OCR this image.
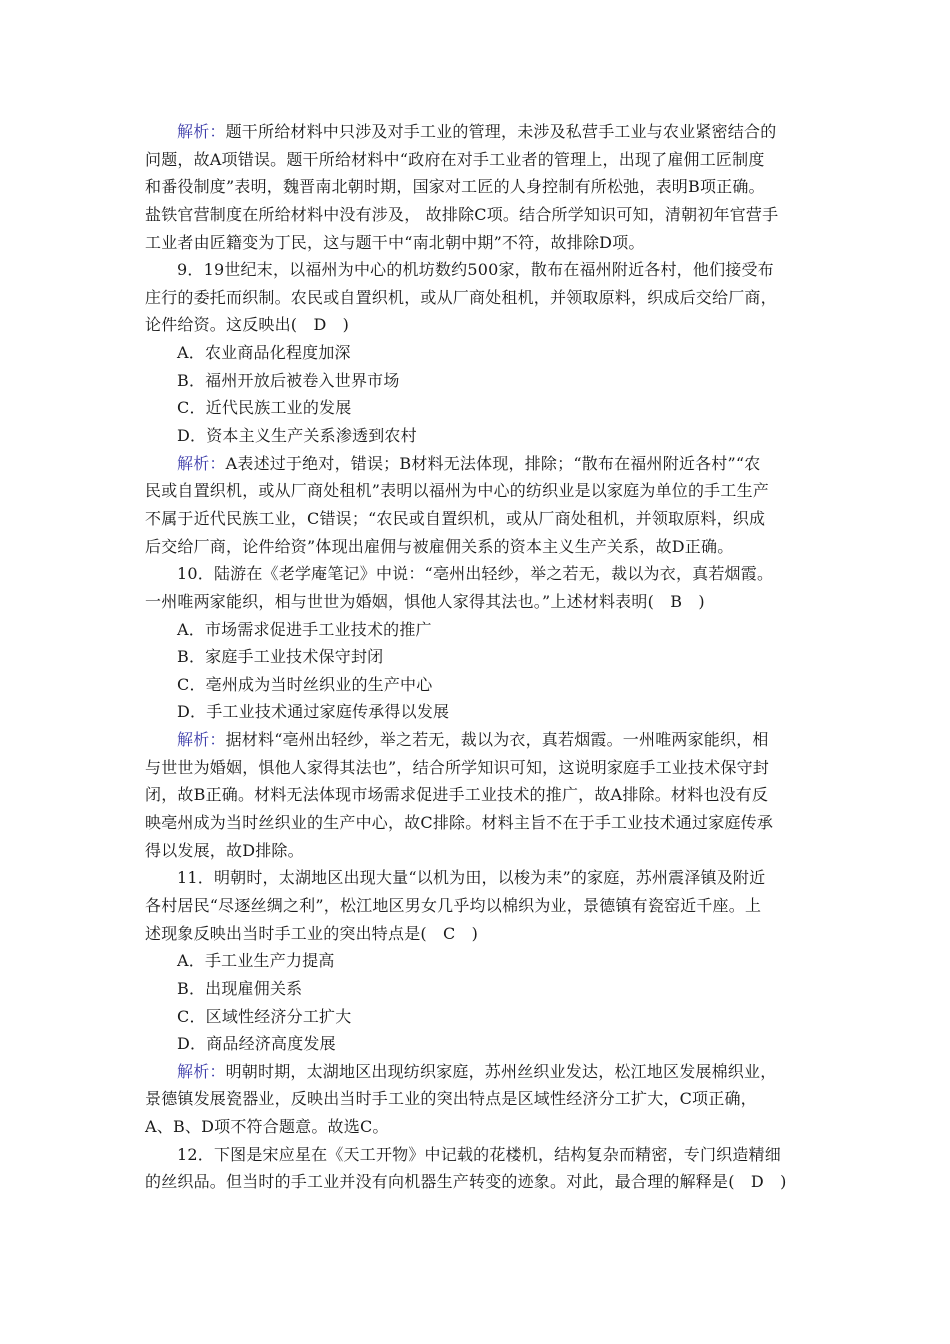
解析：题干所给材料中只涉及对手工业的管理，未涉及私营手工业与农业紧密结合的
问题，故A项错误。题干所给材料中“政府在对手工业者的管理上，出现了雇佣工匠制度
和番役制度”表明，魏晋南北朝时期，国家对工匠的人身控制有所松弛，表明B项正确。
盐铁官营制度在所给材料中没有涉及， 故排除C项。结合所学知识可知，清朝初年官营手
工业者由匠籍变为丁民，这与题干中“南北朝中期”不符，故排除D项。
9．19世纪末，以福州为中心的机坊数约500家，散布在福州附近各村，他们接受布
庄行的委托而织制。农民或自置织机，或从厂商处租机，并领取原料，织成后交给厂商，
论件给资。这反映出(　D　)
A．农业商品化程度加深
B．福州开放后被卷入世界市场
C．近代民族工业的发展
D．资本主义生产关系渗透到农村
解析：A表述过于绝对，错误；B材料无法体现，排除；“散布在福州附近各村”“农
民或自置织机，或从厂商处租机”表明以福州为中心的纺织业是以家庭为单位的手工生产
不属于近代民族工业，C错误；“农民或自置织机，或从厂商处租机，并领取原料，织成
后交给厂商，论件给资”体现出雇佣与被雇佣关系的资本主义生产关系，故D正确。
10．陆游在《老学庵笔记》中说：“亳州出轻纱，举之若无，裁以为衣，真若烟霞。
一州唯两家能织，相与世世为婚姻，惧他人家得其法也。”上述材料表明(　B　)
A．市场需求促进手工业技术的推广
B．家庭手工业技术保守封闭
C．亳州成为当时丝织业的生产中心
D．手工业技术通过家庭传承得以发展
解析：据材料“亳州出轻纱，举之若无，裁以为衣，真若烟霞。一州唯两家能织，相
与世世为婚姻，惧他人家得其法也”，结合所学知识可知，这说明家庭手工业技术保守封
闭，故B正确。材料无法体现市场需求促进手工业技术的推广，故A排除。材料也没有反
映亳州成为当时丝织业的生产中心，故C排除。材料主旨不在于手工业技术通过家庭传承
得以发展，故D排除。
11．明朝时，太湖地区出现大量“以机为田，以梭为耒”的家庭，苏州震泽镇及附近
各村居民“尽逐丝绸之利”，松江地区男女几乎均以棉织为业，景德镇有瓷窑近千座。上
述现象反映出当时手工业的突出特点是(　C　)
A．手工业生产力提高
B．出现雇佣关系
C．区域性经济分工扩大
D．商品经济高度发展
解析：明朝时期，太湖地区出现纺织家庭，苏州丝织业发达，松江地区发展棉织业，
景德镇发展瓷器业，反映出当时手工业的突出特点是区域性经济分工扩大，C项正确，
A、B、D项不符合题意。故选C。
12．下图是宋应星在《天工开物》中记载的花楼机，结构复杂而精密，专门织造精细
的丝织品。但当时的手工业并没有向机器生产转变的迹象。对此，最合理的解释是(　D　)
